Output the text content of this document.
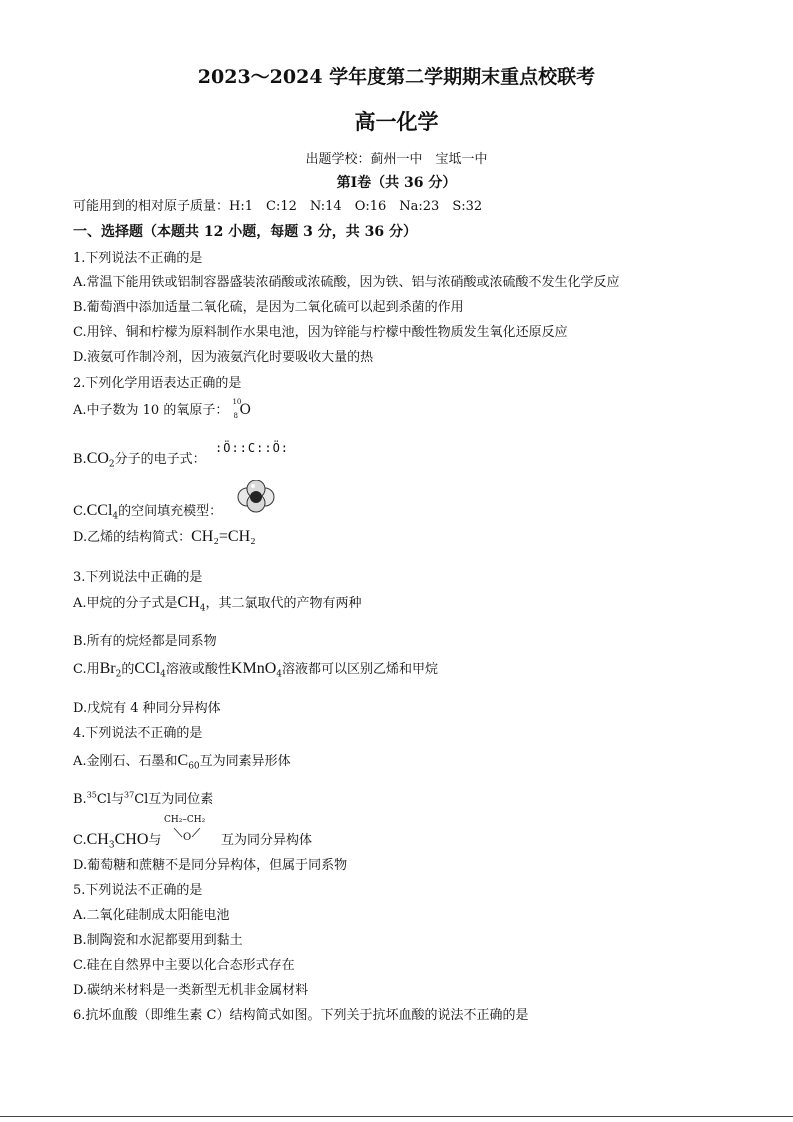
2023～2024 学年度第二学期期末重点校联考
高一化学
出题学校：蓟州一中　宝坻一中
第Ⅰ卷（共 36 分）
可能用到的相对原子质量：H:1　C:12　N:14　O:16　Na:23　S:32
一、选择题（本题共 12 小题，每题 3 分，共 36 分）
1.下列说法不正确的是
A.常温下能用铁或铝制容器盛装浓硝酸或浓硫酸，因为铁、铝与浓硝酸或浓硫酸不发生化学反应
B.葡萄酒中添加适量二氧化硫，是因为二氧化硫可以起到杀菌的作用
C.用锌、铜和柠檬为原料制作水果电池，因为锌能与柠檬中酸性物质发生氧化还原反应
D.液氨可作制冷剂，因为液氨汽化时要吸收大量的热
2.下列化学用语表达正确的是
A.中子数为 10 的氧原子：
10
8 O
$B.CO_2$分子的电子式：
:Ö::C::Ö:
C.CCl$_4$的空间填充模型：
D.乙烯的结构简式：CH₂=CH₂
3.下列说法中正确的是
A.甲烷的分子式是$CH_4$，其二氯取代的产物有两种
B.所有的烷烃都是同系物
C.用$Br_2$的CCl$_4$溶液或酸性KMnO$_4$溶液都可以区别乙烯和甲烷
D.戊烷有 4 种同分异构体
4.下列说法不正确的是
A.金刚石、石墨和$C_{60}$互为同素异形体
B.$^{35}$Cl与$^{37}$Cl互为同位素
$C.CH_3CHO$与
CH₂–CH₂
O 互为同分异构体
D.葡萄糖和蔗糖不是同分异构体，但属于同系物
5.下列说法不正确的是
A.二氧化硅制成太阳能电池
B.制陶瓷和水泥都要用到黏土
C.硅在自然界中主要以化合态形式存在
D.碳纳米材料是一类新型无机非金属材料
6.抗坏血酸（即维生素 C）结构简式如图。下列关于抗坏血酸的说法不正确的是
